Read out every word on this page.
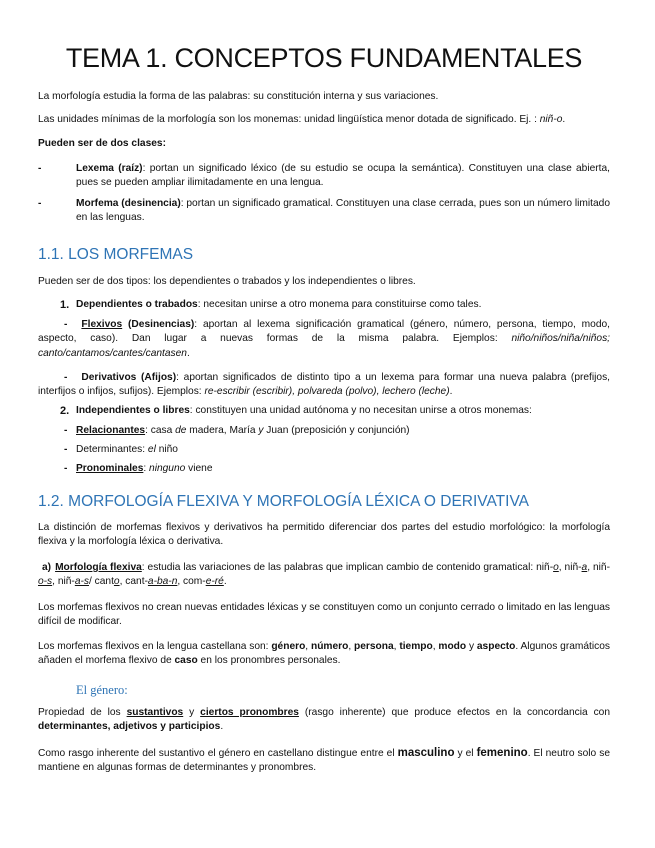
TEMA 1. CONCEPTOS FUNDAMENTALES

La morfología estudia la forma de las palabras: su constitución interna y sus variaciones.

Las unidades mínimas de la morfología son los monemas: unidad lingüística menor dotada de significado. Ej. : niñ-o.

Pueden ser de dos clases:

-	Lexema (raíz): portan un significado léxico (de su estudio se ocupa la semántica). Constituyen una clase abierta, pues se pueden ampliar ilimitadamente en una lengua.
-	Morfema (desinencia): portan un significado gramatical. Constituyen una clase cerrada, pues son un número limitado en las lenguas.
1.1. LOS MORFEMAS

Pueden ser de dos tipos: los dependientes o trabados y los independientes o libres.

1. Dependientes o trabados: necesitan unirse a otro monema para constituirse como tales.
- Flexivos (Desinencias): aportan al lexema significación gramatical (género, número, persona, tiempo, modo, aspecto, caso). Dan lugar a nuevas formas de la misma palabra. Ejemplos: niño/niños/niña/niños; canto/cantamos/cantes/cantasen.
- Derivativos (Afijos): aportan significados de distinto tipo a un lexema para formar una nueva palabra (prefijos, interfijos o infijos, sufijos). Ejemplos: re-escribir (escribir), polvareda (polvo), lechero (leche).
2. Independientes o libres: constituyen una unidad autónoma y no necesitan unirse a otros monemas:
- Relacionantes: casa de madera, María y Juan (preposición y conjunción)
- Determinantes: el niño
- Pronominales: ninguno viene
1.2. MORFOLOGÍA FLEXIVA Y MORFOLOGÍA LÉXICA O DERIVATIVA

La distinción de morfemas flexivos y derivativos ha permitido diferenciar dos partes del estudio morfológico: la morfología flexiva y la morfología léxica o derivativa.

a) Morfología flexiva: estudia las variaciones de las palabras que implican cambio de contenido gramatical: niñ-o, niñ-a, niñ-o-s, niñ-a-s/ canto, cant-a-ba-n, com-e-ré.

Los morfemas flexivos no crean nuevas entidades léxicas y se constituyen como un conjunto cerrado o limitado en las lenguas difícil de modificar.

Los morfemas flexivos en la lengua castellana son: género, número, persona, tiempo, modo y aspecto. Algunos gramáticos añaden el morfema flexivo de caso en los pronombres personales.

El género:

Propiedad de los sustantivos y ciertos pronombres (rasgo inherente) que produce efectos en la concordancia con determinantes, adjetivos y participios.

Como rasgo inherente del sustantivo el género en castellano distingue entre el masculino y el femenino. El neutro solo se mantiene en algunas formas de determinantes y pronombres.
